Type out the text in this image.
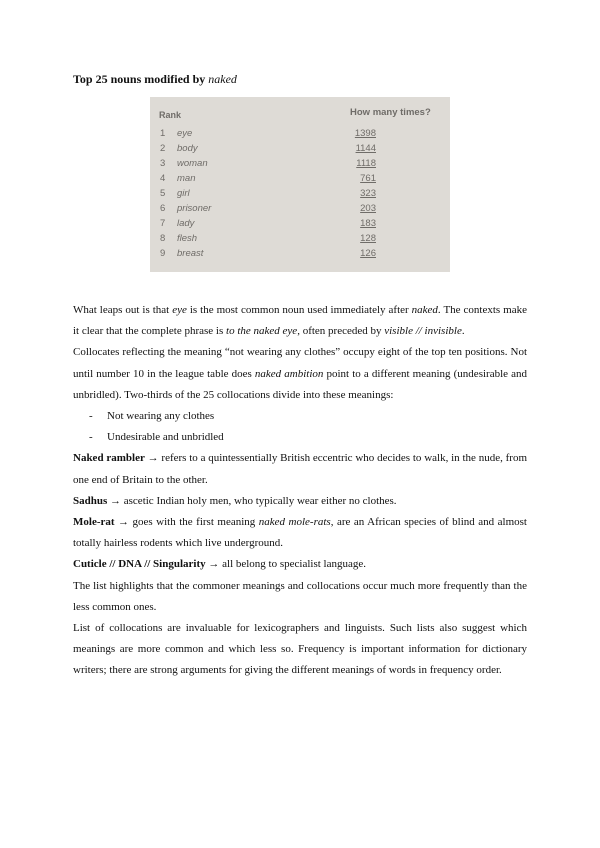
Top 25 nouns modified by naked
Rank	How many times?
1 eye	1398
2 body	1144
3 woman	1118
4 man	761
5 girl	323
6 prisoner	203
7 lady	183
8 flesh	128
9 breast	126

What leaps out is that eye is the most common noun used immediately after naked. The contexts make it clear that the complete phrase is to the naked eye, often preceded by visible // invisible.

Collocates reflecting the meaning “not wearing any clothes” occupy eight of the top ten positions. Not until number 10 in the league table does naked ambition point to a different meaning (undesirable and unbridled). Two-thirds of the 25 collocations divide into these meanings:

- Not wearing any clothes
- Undesirable and unbridled

Naked rambler → refers to a quintessentially British eccentric who decides to walk, in the nude, from one end of Britain to the other.

Sadhus → ascetic Indian holy men, who typically wear either no clothes.

Mole-rat → goes with the first meaning naked mole-rats, are an African species of blind and almost totally hairless rodents which live underground.

Cuticle // DNA // Singularity → all belong to specialist language.

The list highlights that the commoner meanings and collocations occur much more frequently than the less common ones.

List of collocations are invaluable for lexicographers and linguists. Such lists also suggest which meanings are more common and which less so. Frequency is important information for dictionary writers; there are strong arguments for giving the different meanings of words in frequency order.
